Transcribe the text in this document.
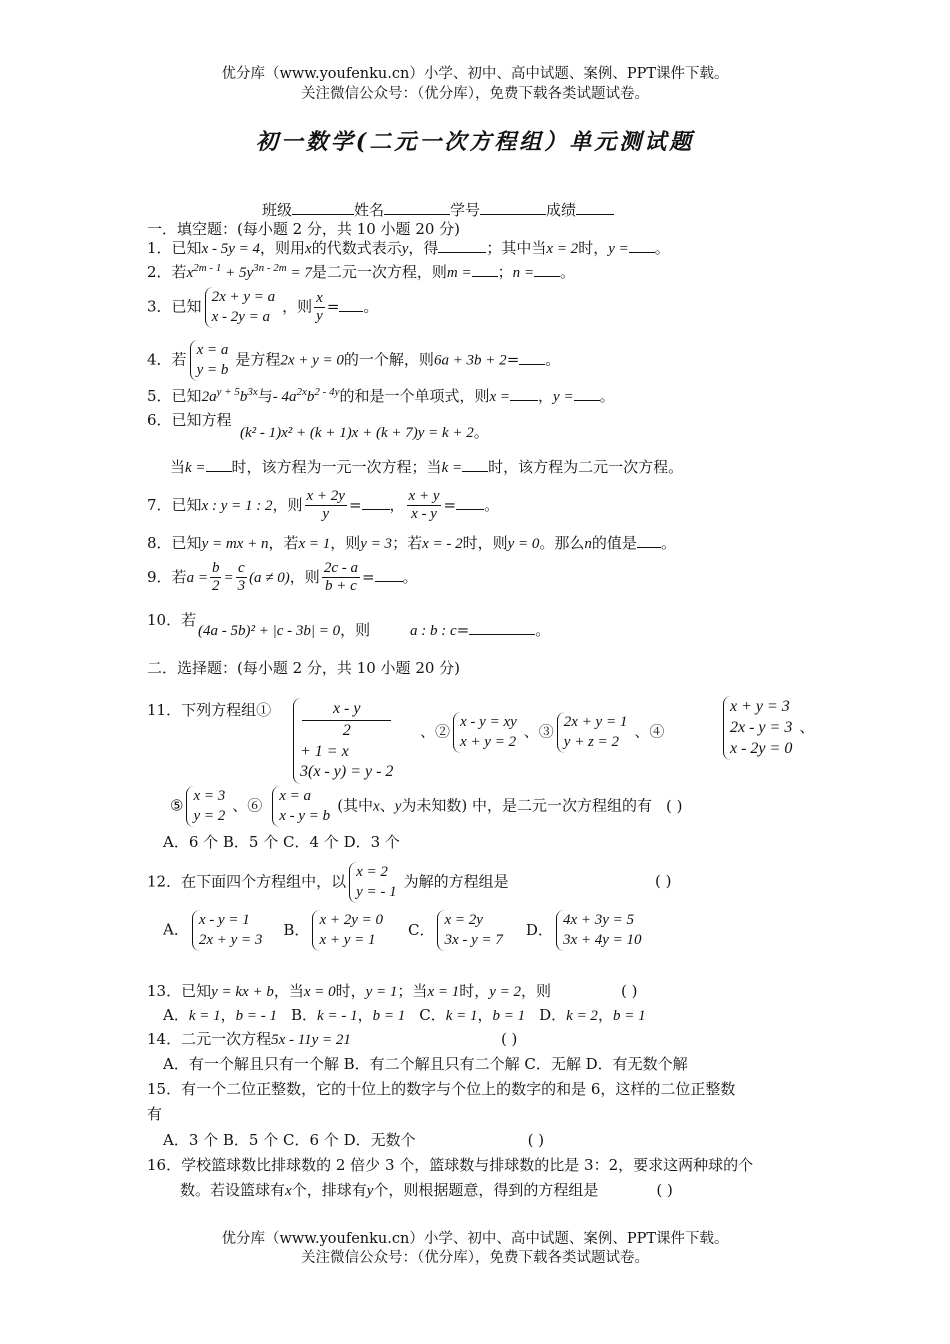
优分库（www.youfenku.cn）小学、初中、高中试题、案例、PPT课件下载。
关注微信公众号：（优分库），免费下载各类试题试卷。
初一数学(二元一次方程组）单元测试题
班级	姓名	学号	成绩
一．填空题：(每小题 2 分，共 10 小题 20 分)
1．已知x - 5y = 4，则用x的代数式表示y，得	；其中当x = 2时，y = 。
2．若$x^{2m - 1} + 5y^{3n - 2m} = 7$是二元一次方程，则m = ；n = 。
3．已知
2x + y = a
x - 2y = a
，则 $\frac{x}{y}$ = 。
4．若
x = a
y = b
是方程2x + y = 0的一个解，则6a + 3b + 2= 。
5．已知$2a^{y + 5}b^{3x}$与- $4a^{2x}b^{2 - 4y}$的和是一个单项式，则x = ，y = 。
6．已知方程
(k² - 1)x² + (k + 1)x + (k + 7)y = k + 2。
当k = 时，该方程为一元一次方程；当k = 时，该方程为二元一次方程。
7．已知x : y = 1 : 2，则 $\frac{x + 2y}{y}$ = ， $\frac{x + y}{x - y}$ = 。
8．已知y = mx + n，若x = 1，则y = 3；若x = - 2时，则y = 0。那么n的值是 。
9．若$a = \frac{b}{2} = \frac{c}{3} (a \ne 0)$，则 $\frac{2c - a}{b + c}$ = 。
10．若
(4a - 5b)² + |c - 3b| = 0，则	a : b : c=	。
二．选择题：(每小题 2 分，共 10 小题 20 分)
11．下列方程组①	x - y
2
+ 1 = x
3(x - y) = y - 2
、②
x - y = xy
x + y = 2
、③
2x + y = 1
y + z = 2
、④
x + y = 3
2x - y = 3
x - 2y = 0
、
⑤
x = 3
y = 2
、⑥
x = a
x - y = b
(其中x、y为未知数) 中，是二元一次方程组的有 ( )
A．6 个 B．5 个 C．4 个 D．3 个
12．在下面四个方程组中，以
x = 2
y = - 1
为解的方程组是	( )
A．
x - y = 1
2x + y = 3
B．
x + 2y = 0
x + y = 1
C．
x = 2y
3x - y = 7
D．
4x + 3y = 5
3x + 4y = 10
13．已知y = kx + b，当x = 0时，y = 1；当x = 1时，y = 2，则	( )
A．k = 1，b = - 1 B．k = - 1，b = 1 C．k = 1，b = 1 D．k = 2，b = 1
14．二元一次方程5x - 11y = 21	( )
A．有一个解且只有一个解 B．有二个解且只有二个解 C．无解 D．有无数个解
15．有一个二位正整数，它的十位上的数字与个位上的数字的和是 6，这样的二位正整数
有
A．3 个 B．5 个 C．6 个 D．无数个	( )
16．学校篮球数比排球数的 2 倍少 3 个，篮球数与排球数的比是 3：2，要求这两种球的个
数。若设篮球有x个，排球有y个，则根据题意，得到的方程组是	( )
优分库（www.youfenku.cn）小学、初中、高中试题、案例、PPT课件下载。
关注微信公众号：（优分库），免费下载各类试题试卷。
